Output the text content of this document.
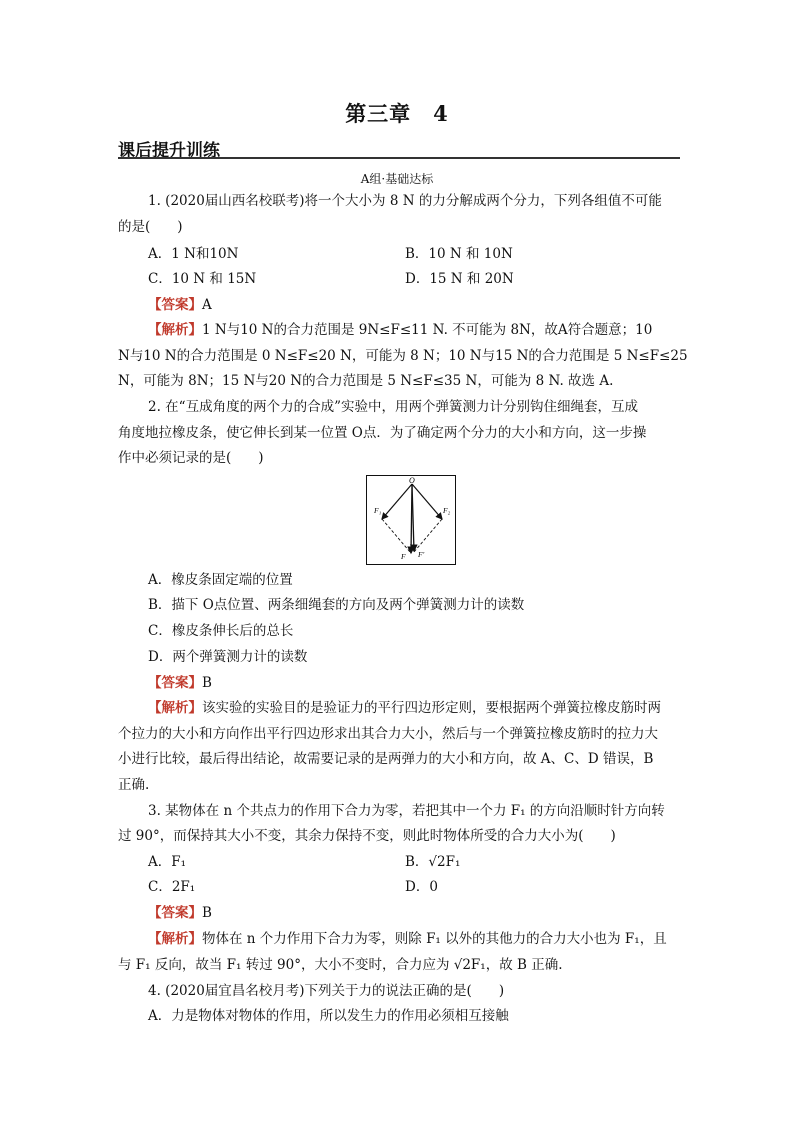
第三章　4
课后提升训练
A组·基础达标
1. (2020届山西名校联考)将一个大小为 8 N 的力分解成两个分力，下列各组值不可能
的是(　　)
A．1 N和10N	B．10 N 和 10N
C．10 N 和 15N	D．15 N 和 20N
【答案】A
【解析】1 N与10 N的合力范围是 9N≤F≤11 N. 不可能为 8N，故A符合题意；10
N与10 N的合力范围是 0 N≤F≤20 N，可能为 8 N；10 N与15 N的合力范围是 5 N≤F≤25
N，可能为 8N；15 N与20 N的合力范围是 5 N≤F≤35 N，可能为 8 N. 故选 A.
2. 在“互成角度的两个力的合成”实验中，用两个弹簧测力计分别钩住细绳套，互成
角度地拉橡皮条，使它伸长到某一位置 O点．为了确定两个分力的大小和方向，这一步操
作中必须记录的是(　　)
O
F₁	F₂
F F′
A．橡皮条固定端的位置
B．描下 O点位置、两条细绳套的方向及两个弹簧测力计的读数
C．橡皮条伸长后的总长
D．两个弹簧测力计的读数
【答案】B
【解析】该实验的实验目的是验证力的平行四边形定则，要根据两个弹簧拉橡皮筋时两
个拉力的大小和方向作出平行四边形求出其合力大小，然后与一个弹簧拉橡皮筋时的拉力大
小进行比较，最后得出结论，故需要记录的是两弹力的大小和方向，故 A、C、D 错误，B
正确.
3. 某物体在 n 个共点力的作用下合力为零，若把其中一个力 F₁ 的方向沿顺时针方向转
过 90°，而保持其大小不变，其余力保持不变，则此时物体所受的合力大小为(　　)
A．F₁	B．√2F₁
C．2F₁	D．0
【答案】B
【解析】物体在 n 个力作用下合力为零，则除 F₁ 以外的其他力的合力大小也为 F₁，且
与 F₁ 反向，故当 F₁ 转过 90°，大小不变时，合力应为 √2F₁，故 B 正确.
4. (2020届宜昌名校月考)下列关于力的说法正确的是(　　)
A．力是物体对物体的作用，所以发生力的作用必须相互接触
